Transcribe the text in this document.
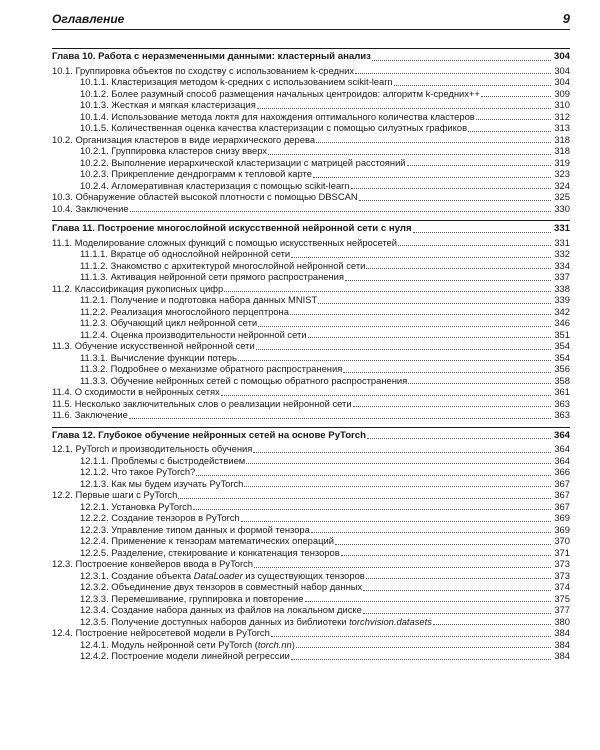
Оглавление	9
Глава 10. Работа с неразмеченными данными: кластерный анализ	304
10.1. Группировка объектов по сходству с использованием k-средних	304
10.1.1. Кластеризация методом k-средних с использованием scikit-learn	304
10.1.2. Более разумный способ размещения начальных центроидов: алгоритм k-средних++	309
10.1.3. Жесткая и мягкая кластеризация	310
10.1.4. Использование метода локтя для нахождения оптимального количества кластеров	312
10.1.5. Количественная оценка качества кластеризации с помощью силуэтных графиков	313
10.2. Организация кластеров в виде иерархического дерева	318
10.2.1. Группировка кластеров снизу вверх	318
10.2.2. Выполнение иерархической кластеризации с матрицей расстояний	319
10.2.3. Прикрепление дендрограмм к тепловой карте	323
10.2.4. Агломеративная кластеризация с помощью scikit-learn	324
10.3. Обнаружение областей высокой плотности с помощью DBSCAN	325
10.4. Заключение	330
Глава 11. Построение многослойной искусственной нейронной сети с нуля	331
11.1. Моделирование сложных функций с помощью искусственных нейросетей	331
11.1.1. Вкратце об однослойной нейронной сети	332
11.1.2. Знакомство с архитектурой многослойной нейронной сети	334
11.1.3. Активация нейронной сети прямого распространения	337
11.2. Классификация рукописных цифр	338
11.2.1. Получение и подготовка набора данных MNIST	339
11.2.2. Реализация многослойного перцептрона	342
11.2.3. Обучающий цикл нейронной сети	346
11.2.4. Оценка производительности нейронной сети	351
11.3. Обучение искусственной нейронной сети	354
11.3.1. Вычисление функции потерь	354
11.3.2. Подробнее о механизме обратного распространения	356
11.3.3. Обучение нейронных сетей с помощью обратного распространения	358
11.4. О сходимости в нейронных сетях	361
11.5. Несколько заключительных слов о реализации нейронной сети	363
11.6. Заключение	363
Глава 12. Глубокое обучение нейронных сетей на основе PyTorch	364
12.1. PyTorch и производительность обучения	364
12.1.1. Проблемы с быстродействием	364
12.1.2. Что такое PyTorch?	366
12.1.3. Как мы будем изучать PyTorch	367
12.2. Первые шаги с PyTorch	367
12.2.1. Установка PyTorch	367
12.2.2. Создание тензоров в PyTorch	369
12.2.3. Управление типом данных и формой тензора	369
12.2.4. Применение к тензорам математических операций	370
12.2.5. Разделение, стекирование и конкатенация тензоров	371
12.3. Построение конвейеров ввода в PyTorch	373
12.3.1. Создание объекта DataLoader из существующих тензоров	373
12.3.2. Объединение двух тензоров в совместный набор данных	374
12.3.3. Перемешивание, группировка и повторение	375
12.3.4. Создание набора данных из файлов на локальном диске	377
12.3.5. Получение доступных наборов данных из библиотеки torchvision.datasets	380
12.4. Построение нейросетевой модели в PyTorch	384
12.4.1. Модуль нейронной сети PyTorch (torch.nn)	384
12.4.2. Построение модели линейной регрессии	384
